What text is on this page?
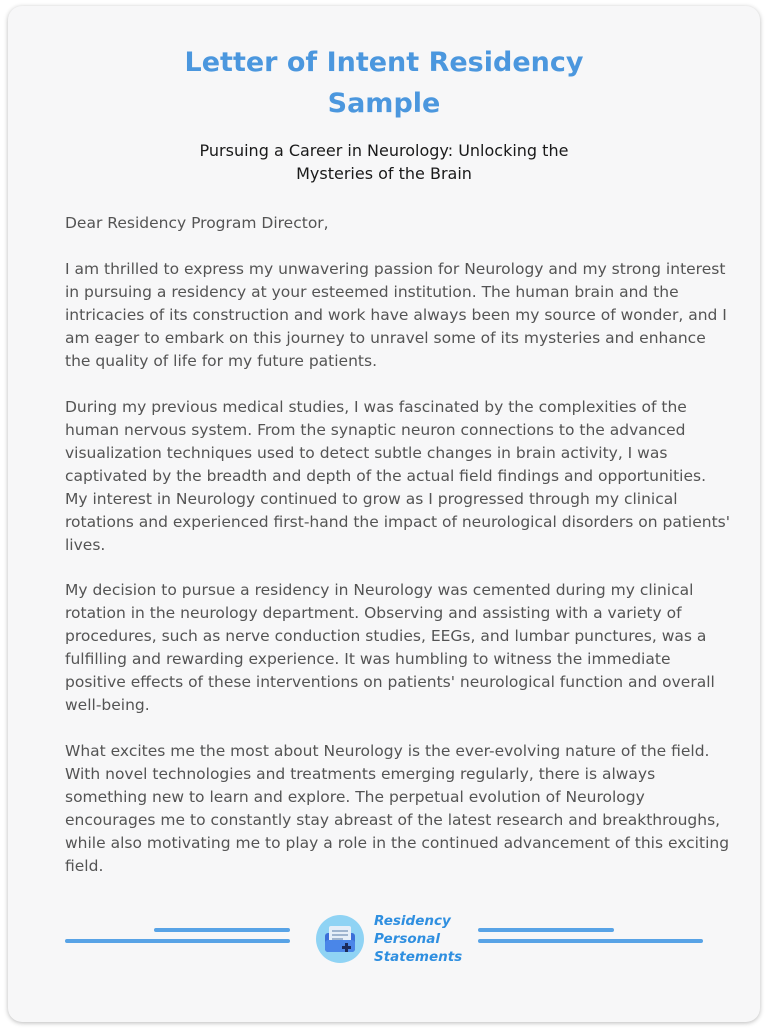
Letter of Intent Residency
Sample
Pursuing a Career in Neurology: Unlocking the
Mysteries of the Brain

Dear Residency Program Director,

I am thrilled to express my unwavering passion for Neurology and my strong interest in pursuing a residency at your esteemed institution. The human brain and the intricacies of its construction and work have always been my source of wonder, and I am eager to embark on this journey to unravel some of its mysteries and enhance the quality of life for my future patients.

During my previous medical studies, I was fascinated by the complexities of the human nervous system. From the synaptic neuron connections to the advanced visualization techniques used to detect subtle changes in brain activity, I was captivated by the breadth and depth of the actual field findings and opportunities. My interest in Neurology continued to grow as I progressed through my clinical rotations and experienced first-hand the impact of neurological disorders on patients' lives.

My decision to pursue a residency in Neurology was cemented during my clinical rotation in the neurology department. Observing and assisting with a variety of procedures, such as nerve conduction studies, EEGs, and lumbar punctures, was a fulfilling and rewarding experience. It was humbling to witness the immediate positive effects of these interventions on patients' neurological function and overall well-being.

What excites me the most about Neurology is the ever-evolving nature of the field. With novel technologies and treatments emerging regularly, there is always something new to learn and explore. The perpetual evolution of Neurology encourages me to constantly stay abreast of the latest research and breakthroughs, while also motivating me to play a role in the continued advancement of this exciting field.

Residency
Personal
Statements
